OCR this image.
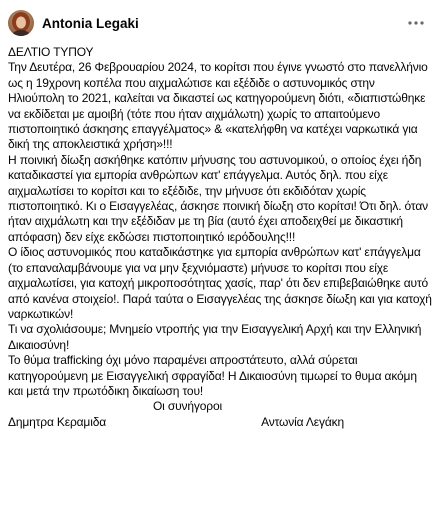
Antonia Legaki

ΔΕΛΤΙΟ ΤΥΠΟΥ

Την Δευτέρα, 26 Φεβρουαρίου 2024, το κορίτσι που έγινε γνωστό στο πανελλήνιο ως η 19χρονη κοπέλα που αιχμαλώτισε και εξέδιδε ο αστυνομικός στην Ηλιούπολη το 2021, καλείται να δικαστεί ως κατηγορούμενη διότι, «διαπιστώθηκε να εκδίδεται με αμοιβή (τότε που ήταν αιχμάλωτη) χωρίς το απαιτούμενο πιστοποιητικό άσκησης επαγγέλματος» & «κατελήφθη να κατέχει ναρκωτικά για δική της αποκλειστικά χρήση»!!!

Η ποινική δίωξη ασκήθηκε κατόπιν μήνυσης του αστυνομικού, ο οποίος έχει ήδη καταδικαστεί για εμπορία ανθρώπων κατ' επάγγελμα. Αυτός δηλ. που είχε αιχμαλωτίσει το κορίτσι και το εξέδιδε, την μήνυσε ότι εκδιδόταν χωρίς πιστοποιητικό. Κι ο Εισαγγελέας, άσκησε ποινική δίωξη στο κορίτσι! Ότι δηλ. όταν ήταν αιχμάλωτη και την εξέδιδαν με τη βία (αυτό έχει αποδειχθεί με δικαστική απόφαση) δεν είχε εκδώσει πιστοποιητικό ιερόδουλης!!!

Ο ίδιος αστυνομικός που καταδικάστηκε για εμπορία ανθρώπων κατ' επάγγελμα (το επαναλαμβάνουμε για να μην ξεχνιόμαστε) μήνυσε το κορίτσι που είχε αιχμαλωτίσει, για κατοχή μικροποσότητας χασίς, παρ' ότι δεν επιβεβαιώθηκε αυτό από κανένα στοιχείο!. Παρά ταύτα ο Εισαγγελέας της άσκησε δίωξη και για κατοχή ναρκωτικών!

Τι να σχολιάσουμε; Μνημείο ντροπής για την Εισαγγελική Αρχή και την Ελληνική Δικαιοσύνη!

Το θύμα trafficking όχι μόνο παραμένει απροστάτευτο, αλλά σύρεται κατηγορούμενη με Εισαγγελική σφραγίδα! Η Δικαιοσύνη τιμωρεί το θυμα ακόμη και μετά την πρωτόδικη δικαίωση του!

Οι συνήγοροι
Δημητρα Κεραμιδα	Αντωνία Λεγάκη
